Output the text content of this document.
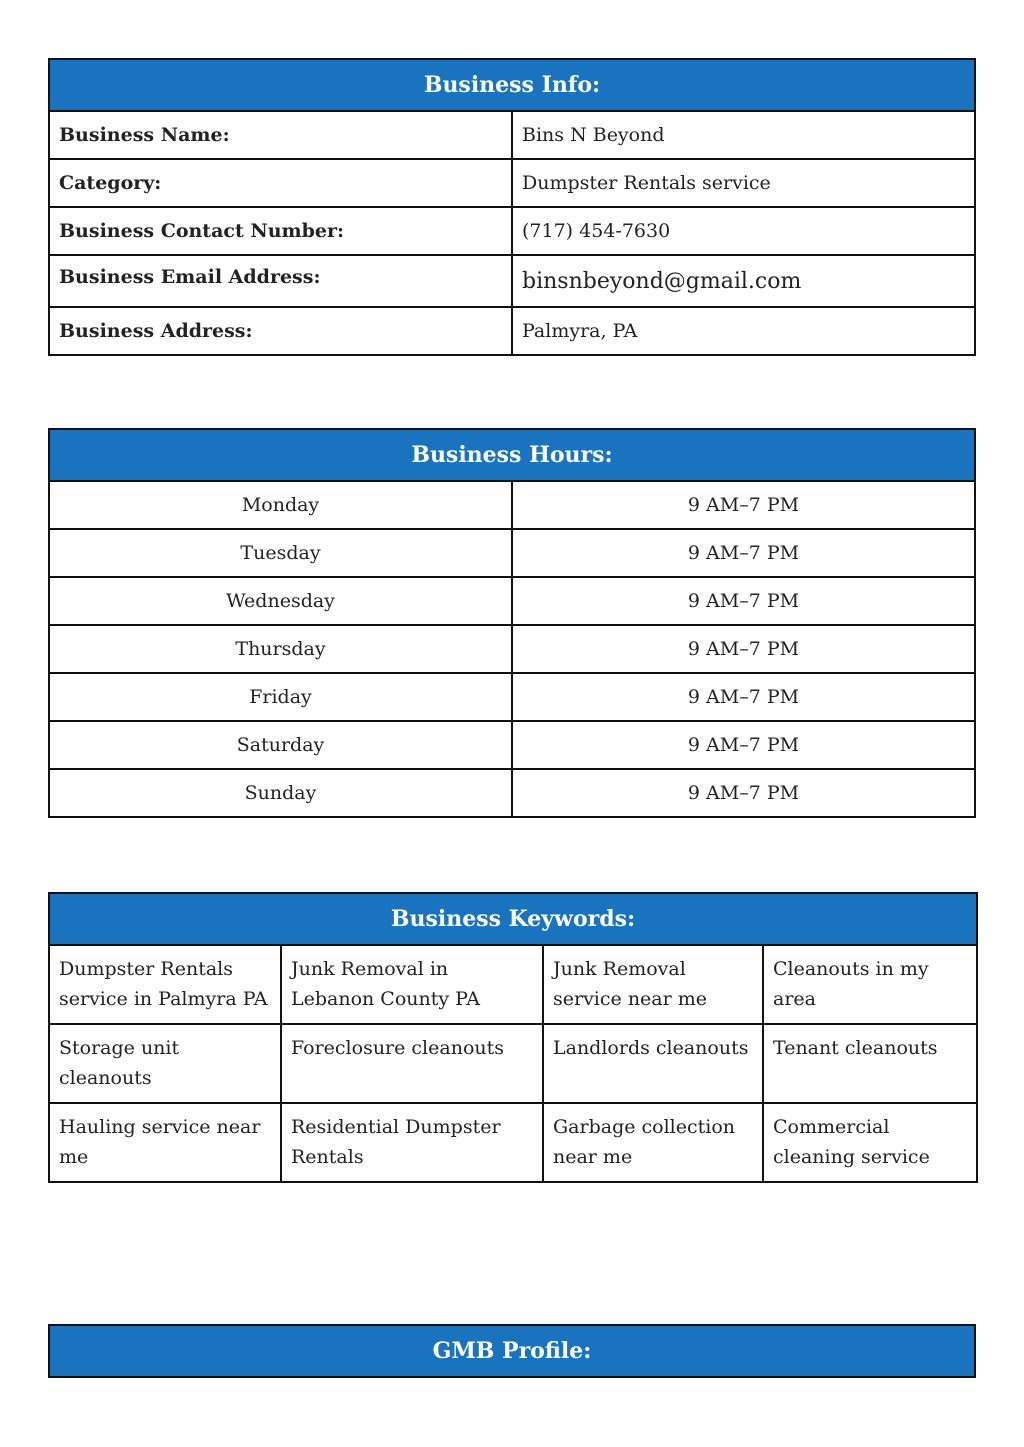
Business Info:	
Business Name:	Bins N Beyond
Category:	Dumpster Rentals service
Business Contact Number:	(717) 454-7630
Business Email Address:	binsnbeyond@gmail.com
Business Address:	Palmyra, PA
Business Hours:	
Monday	9 AM–7 PM
Tuesday	9 AM–7 PM
Wednesday	9 AM–7 PM
Thursday	9 AM–7 PM
Friday	9 AM–7 PM
Saturday	9 AM–7 PM
Sunday	9 AM–7 PM
Business Keywords:			
Dumpster Rentals service in Palmyra PA	Junk Removal in Lebanon County PA	Junk Removal service near me	Cleanouts in my area
Storage unit cleanouts	Foreclosure cleanouts	Landlords cleanouts	Tenant cleanouts
Hauling service near me	Residential Dumpster Rentals	Garbage collection near me	Commercial cleaning service
GMB Profile:
